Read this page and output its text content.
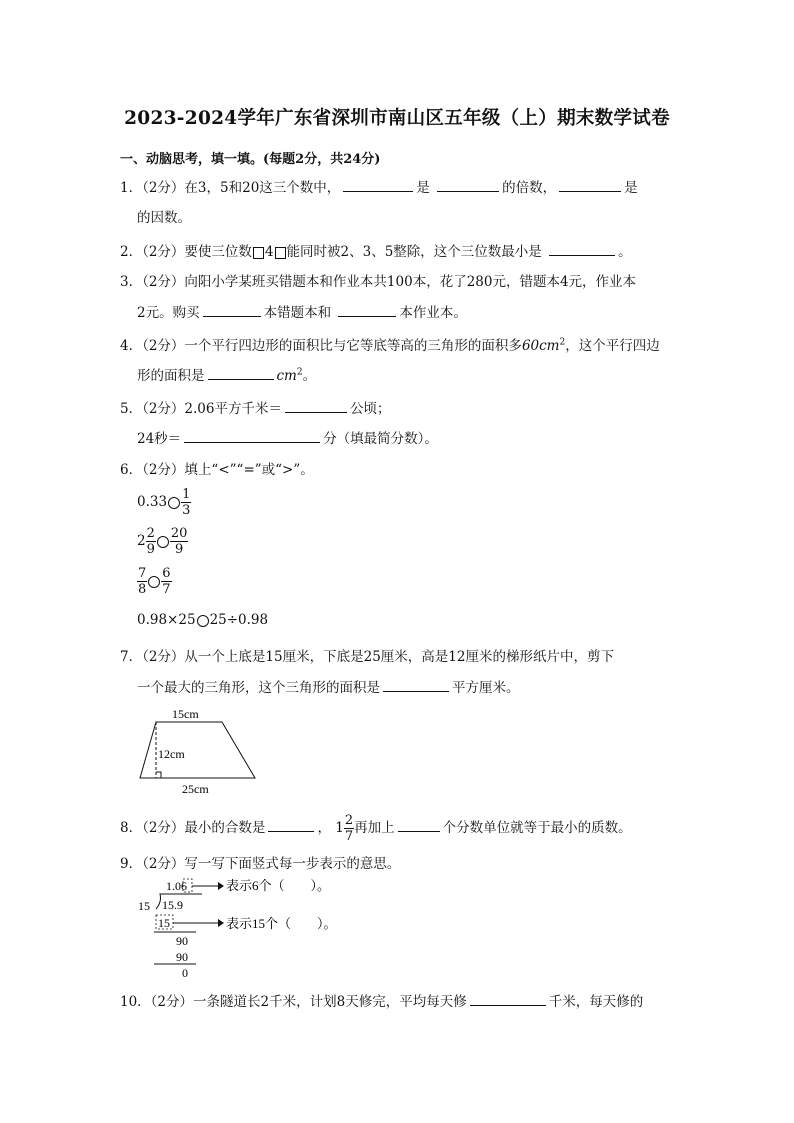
2023-2024学年广东省深圳市南山区五年级（上）期末数学试卷
一、动脑思考，填一填。(每题2分，共24分)
1．（2分）在3，5和20这三个数中，	是	的倍数，	是
的因数。
2．（2分）要使三位数 4 能同时被2、3、5整除，这个三位数最小是	。
3．（2分）向阳小学某班买错题本和作业本共100本，花了280元，错题本4元，作业本
2元。购买	本错题本和	本作业本。
4．（2分）一个平行四边形的面积比与它等底等高的三角形的面积多$60cm^2$，这个平行四边
形的面积是	$cm^2$。
5．（2分）2.06平方千米＝	公顷；
24秒＝	分（填最简分数）。
6．（2分）填上“<”“=”或“>”。
$0.33 \frac{1}{3}$
$2 \frac{2}{9} \frac{20}{9}$
$\frac{7}{8} \frac{6}{7}$
0.98×25 25÷0.98
7．（2分）从一个上底是15厘米，下底是25厘米，高是12厘米的梯形纸片中，剪下
一个最大的三角形，这个三角形的面积是	平方厘米。
15cm
12cm
25cm
8．（2分）最小的合数是	， $1 \frac{2}{7}$ 再加上	个分数单位就等于最小的质数。
9．（2分）写一写下面竖式每一步表示的意思。
1.06	表示6个（　　）。
15 15.9
15	表示15个（　　）。
90
90
0
10．（2分）一条隧道长2千米，计划8天修完，平均每天修	千米，每天修的
